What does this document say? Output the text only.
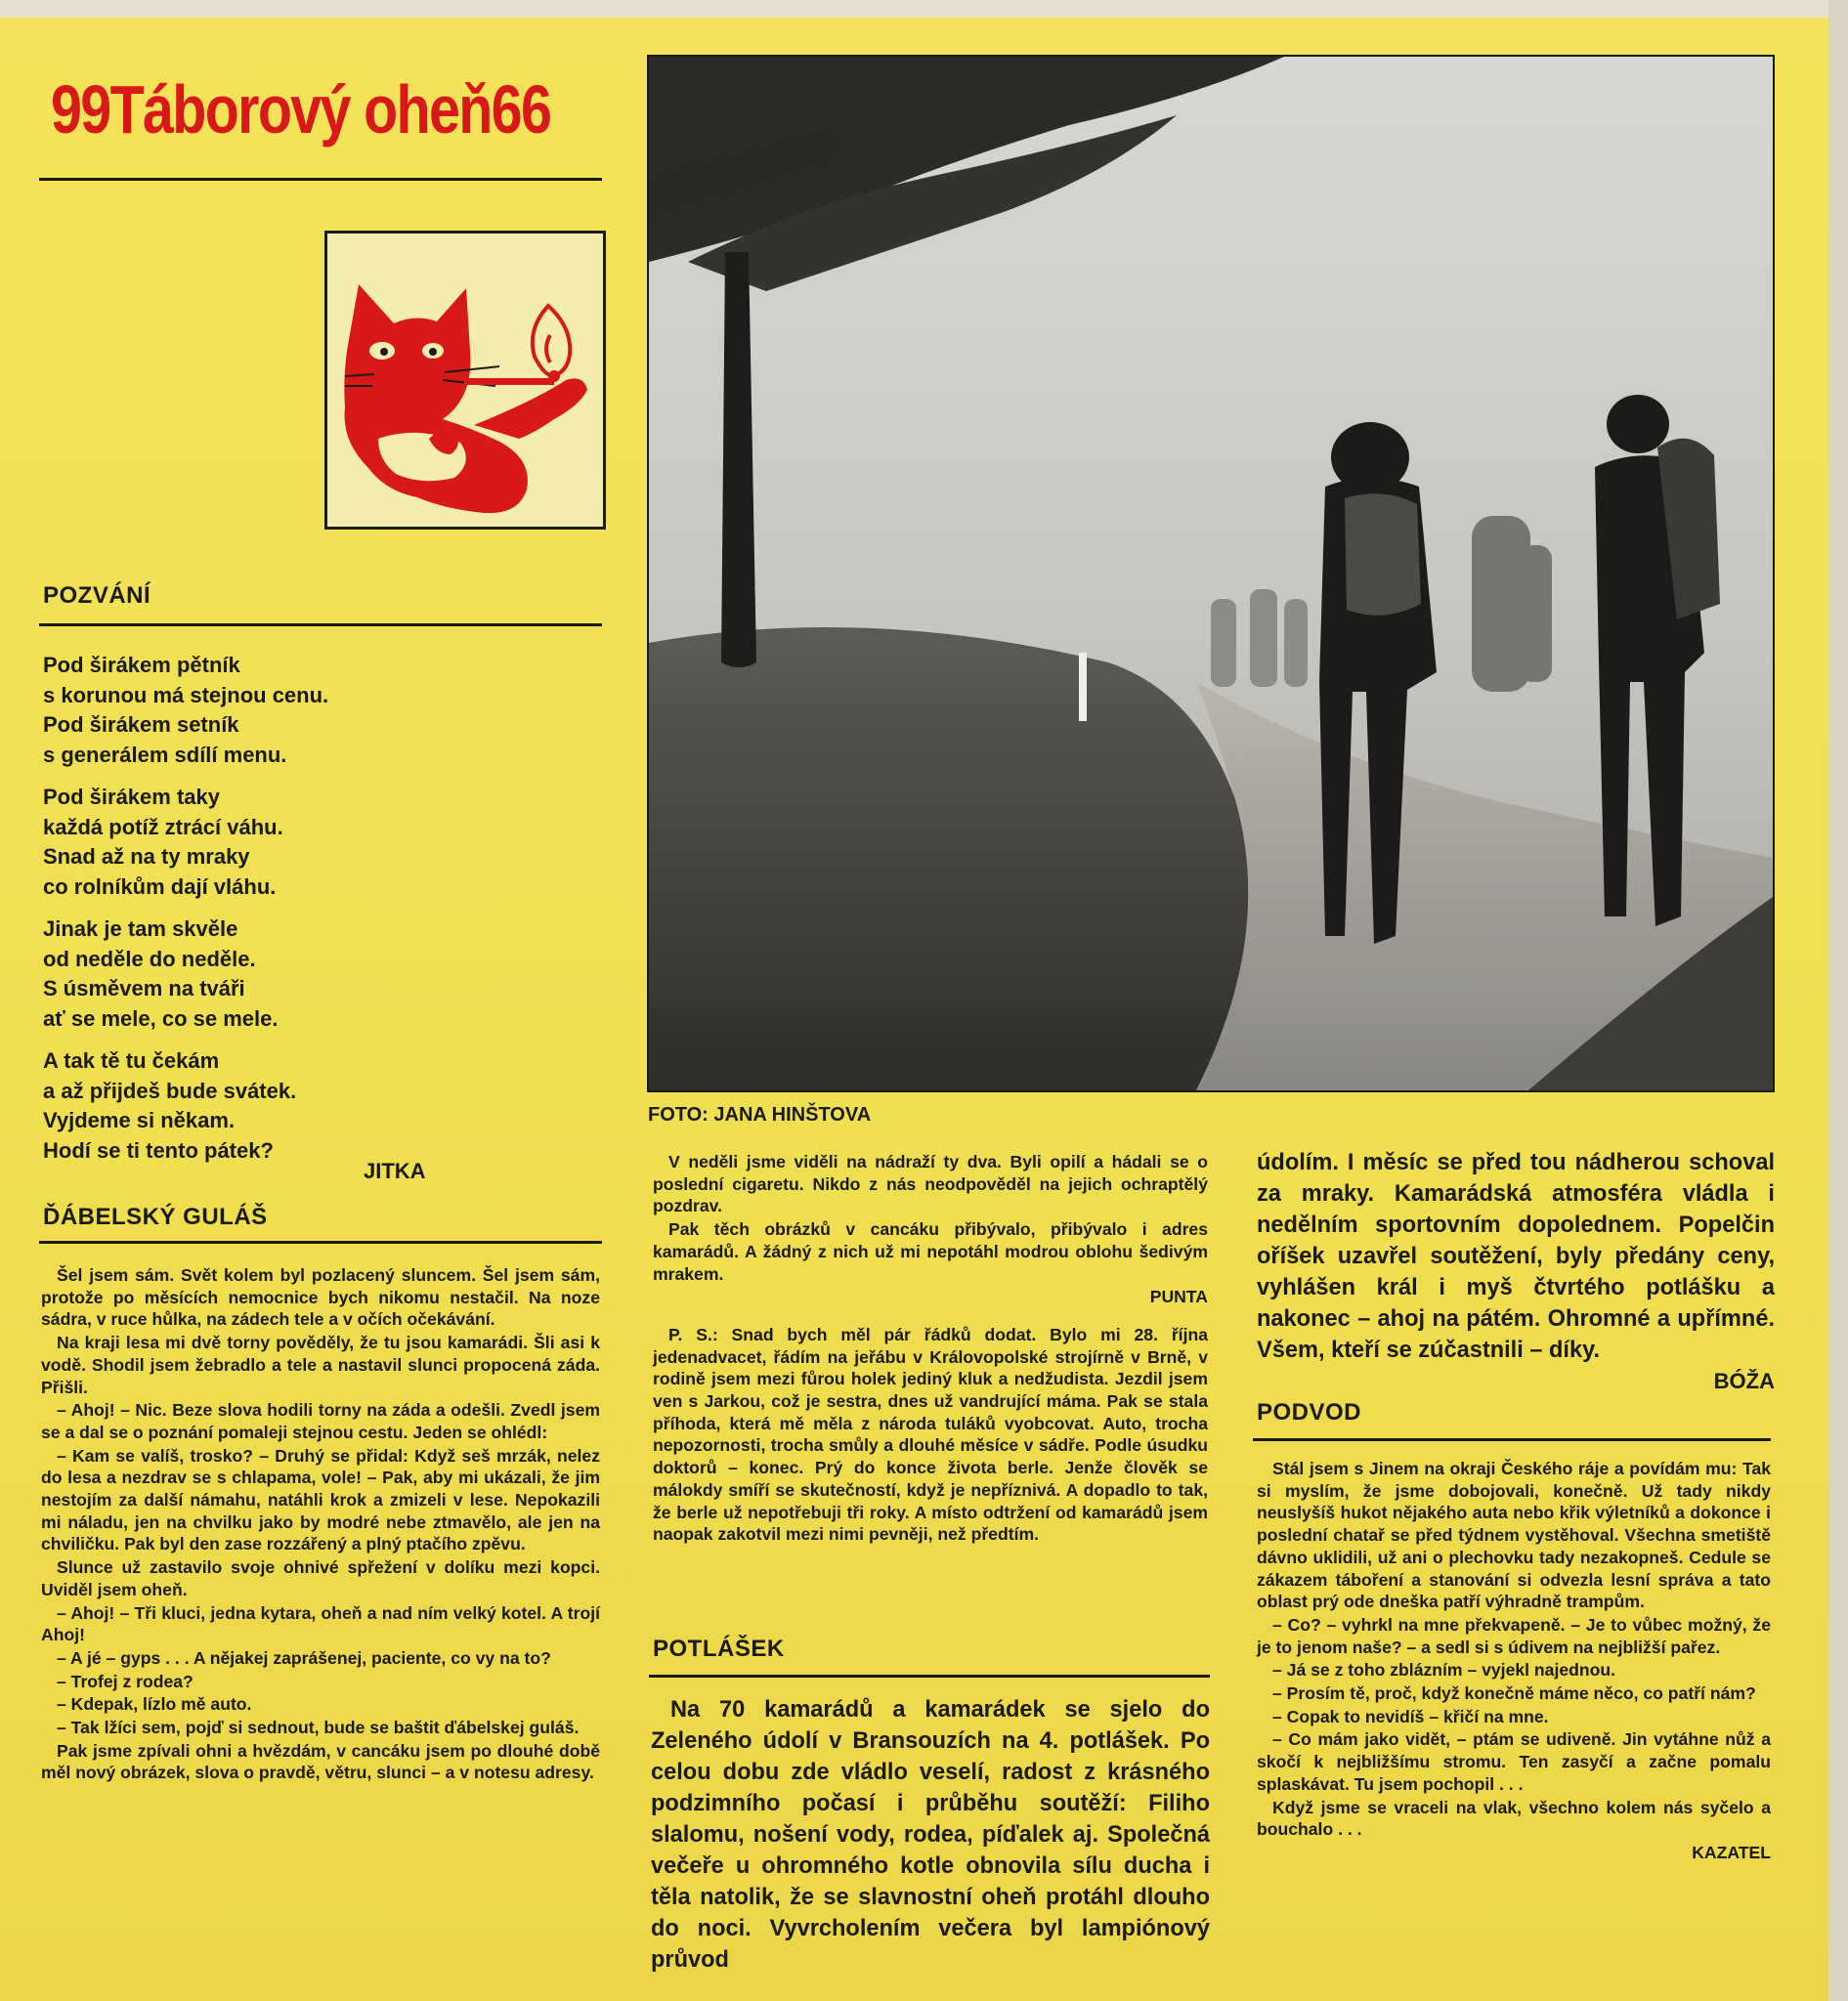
99Táborový oheň66
POZVÁNÍ
Pod širákem pětník
s korunou má stejnou cenu.
Pod širákem setník
s generálem sdílí menu.
Pod širákem taky
každá potíž ztrácí váhu.
Snad až na ty mraky
co rolníkům dají vláhu.
Jinak je tam skvěle
od neděle do neděle.
S úsměvem na tváři
ať se mele, co se mele.
A tak tě tu čekám
a až přijdeš bude svátek.
Vyjdeme si někam.
Hodí se ti tento pátek?
JITKA
ĎÁBELSKÝ GULÁŠ

Šel jsem sám. Svět kolem byl pozlacený sluncem. Šel jsem sám, protože po měsících nemocnice bych nikomu nestačil. Na noze sádra, v ruce hůlka, na zádech tele a v očích očekávání.

Na kraji lesa mi dvě torny pověděly, že tu jsou kamarádi. Šli asi k vodě. Shodil jsem žebradlo a tele a nastavil slunci propocená záda. Přišli.

– Ahoj! – Nic. Beze slova hodili torny na záda a odešli. Zvedl jsem se a dal se o poznání pomaleji stejnou cestu. Jeden se ohlédl:

– Kam se valíš, trosko? – Druhý se přidal: Když seš mrzák, nelez do lesa a nezdrav se s chlapama, vole! – Pak, aby mi ukázali, že jim nestojím za další námahu, natáhli krok a zmizeli v lese. Nepokazili mi náladu, jen na chvilku jako by modré nebe ztmavělo, ale jen na chviličku. Pak byl den zase rozzářený a plný ptačího zpěvu.

Slunce už zastavilo svoje ohnivé spřežení v dolíku mezi kopci. Uviděl jsem oheň.

– Ahoj! – Tři kluci, jedna kytara, oheň a nad ním velký kotel. A trojí Ahoj!

– A jé – gyps . . . A nějakej zaprášenej, paciente, co vy na to?

– Trofej z rodea?

– Kdepak, lízlo mě auto.

– Tak lžíci sem, pojď si sednout, bude se baštit ďábelskej guláš.

Pak jsme zpívali ohni a hvězdám, v cancáku jsem po dlouhé době měl nový obrázek, slova o pravdě, větru, slunci – a v notesu adresy.

FOTO: JANA HINŠTOVA

V neděli jsme viděli na nádraží ty dva. Byli opilí a hádali se o poslední cigaretu. Nikdo z nás neodpověděl na jejich ochraptělý pozdrav.

Pak těch obrázků v cancáku přibývalo, přibývalo i adres kamarádů. A žádný z nich už mi nepotáhl modrou oblohu šedivým mrakem.

PUNTA

P. S.: Snad bych měl pár řádků dodat. Bylo mi 28. října jedenadvacet, řádím na jeřábu v Královopolské strojírně v Brně, v rodině jsem mezi fůrou holek jediný kluk a nedžudista. Jezdil jsem ven s Jarkou, což je sestra, dnes už vandrující máma. Pak se stala příhoda, která mě měla z národa tuláků vyobcovat. Auto, trocha nepozornosti, trocha smůly a dlouhé měsíce v sádře. Podle úsudku doktorů – konec. Prý do konce života berle. Jenže člověk se málokdy smíří se skutečností, když je nepříznivá. A dopadlo to tak, že berle už nepotřebuji tři roky. A místo odtržení od kamarádů jsem naopak zakotvil mezi nimi pevněji, než předtím.

POTLÁŠEK

Na 70 kamarádů a kamarádek se sjelo do Zeleného údolí v Bransouzích na 4. potlášek. Po celou dobu zde vládlo veselí, radost z krásného podzimního počasí i průběhu soutěží: Filiho slalomu, nošení vody, rodea, píďalek aj. Společná večeře u ohromného kotle obnovila sílu ducha i těla natolik, že se slavnostní oheň protáhl dlouho do noci. Vyvrcholením večera byl lampiónový průvod

údolím. I měsíc se před tou nádherou schoval za mraky. Kamarádská atmosféra vládla i nedělním sportovním dopolednem. Popelčin oříšek uzavřel soutěžení, byly předány ceny, vyhlášen král i myš čtvrtého potlášku a nakonec – ahoj na pátém. Ohromné a upřímné. Všem, kteří se zúčastnili – díky.

BÓŽA
PODVOD

Stál jsem s Jinem na okraji Českého ráje a povídám mu: Tak si myslím, že jsme dobojovali, konečně. Už tady nikdy neuslyšíš hukot nějakého auta nebo křik výletníků a dokonce i poslední chatař se před týdnem vystěhoval. Všechna smetiště dávno uklidili, už ani o plechovku tady nezakopneš. Cedule se zákazem táboření a stanování si odvezla lesní správa a tato oblast prý ode dneška patří výhradně trampům.

– Co? – vyhrkl na mne překvapeně. – Je to vůbec možný, že je to jenom naše? – a sedl si s údivem na nejbližší pařez.

– Já se z toho zblázním – vyjekl najednou.

– Prosím tě, proč, když konečně máme něco, co patří nám?

– Copak to nevidíš – křičí na mne.

– Co mám jako vidět, – ptám se udiveně. Jin vytáhne nůž a skočí k nejbližšímu stromu. Ten zasyčí a začne pomalu splaskávat. Tu jsem pochopil . . .

Když jsme se vraceli na vlak, všechno kolem nás syčelo a bouchalo . . .

KAZATEL
